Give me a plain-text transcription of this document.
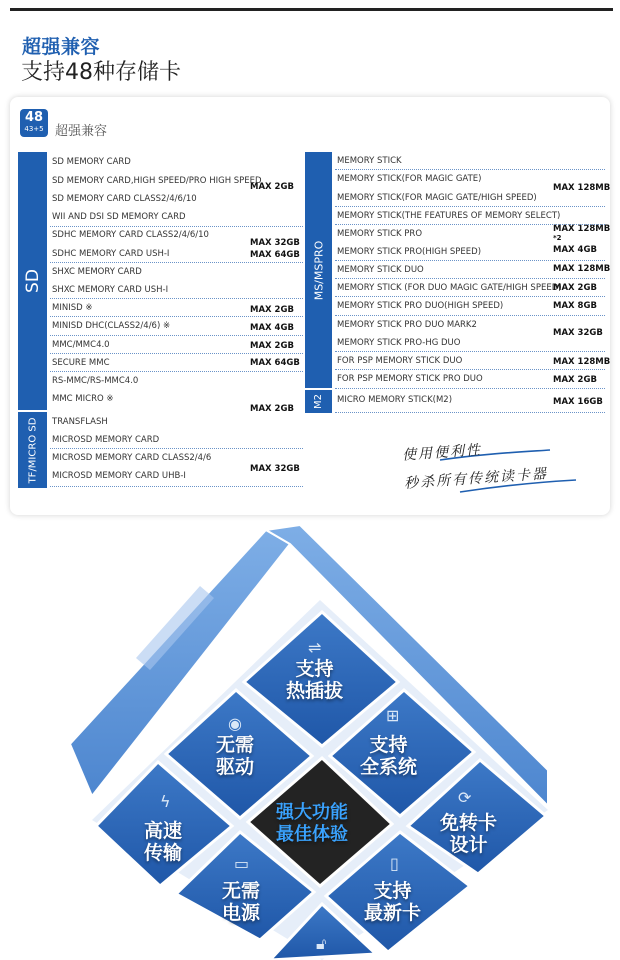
超强兼容
支持48种存储卡
48
43+5 超强兼容
SD
TF/MICRO SD
MS/MSPRO
M2
SD MEMORY CARD
SD MEMORY CARD,HIGH SPEED/PRO HIGH SPEED
SD MEMORY CARD CLASS2/4/6/10
WII AND DSI SD MEMORY CARD
SDHC MEMORY CARD CLASS2/4/6/10
SDHC MEMORY CARD USH-I
SHXC MEMORY CARD
SHXC MEMORY CARD USH-I
MINISD ※
MINISD DHC(CLASS2/4/6) ※
MMC/MMC4.0
SECURE MMC
RS-MMC/RS-MMC4.0
MMC MICRO ※
TRANSFLASH
MICROSD MEMORY CARD
MICROSD MEMORY CARD CLASS2/4/6
MICROSD MEMORY CARD UHB-I
MAX 2GB
MAX 32GB
MAX 64GB
MAX 2GB
MAX 4GB
MAX 2GB
MAX 64GB
MAX 2GB
MAX 32GB
MEMORY STICK
MEMORY STICK(FOR MAGIC GATE)
MEMORY STICK(FOR MAGIC GATE/HIGH SPEED)
MEMORY STICK(THE FEATURES OF MEMORY SELECT)
MEMORY STICK PRO
MEMORY STICK PRO(HIGH SPEED)
MEMORY STICK DUO
MEMORY STICK (FOR DUO MAGIC GATE/HIGH SPEED)
MEMORY STICK PRO DUO(HIGH SPEED)
MEMORY STICK PRO DUO MARK2
MEMORY STICK PRO-HG DUO
FOR PSP MEMORY STICK DUO
FOR PSP MEMORY STICK PRO DUO
MICRO MEMORY STICK(M2)
MAX 128MB
MAX 128MB
*2
MAX 4GB
MAX 128MB
MAX 2GB
MAX 8GB
MAX 32GB
MAX 128MB
MAX 2GB
MAX 16GB
使用便利性
秒杀所有传统读卡器
⇌
支持
热插拔
◉
无需
驱动
⊞
支持
全系统
ϟ
高速
传输
强大功能
最佳体验
⟳
免转卡
设计
▭
无需
电源
▯
支持
最新卡
🔓︎
